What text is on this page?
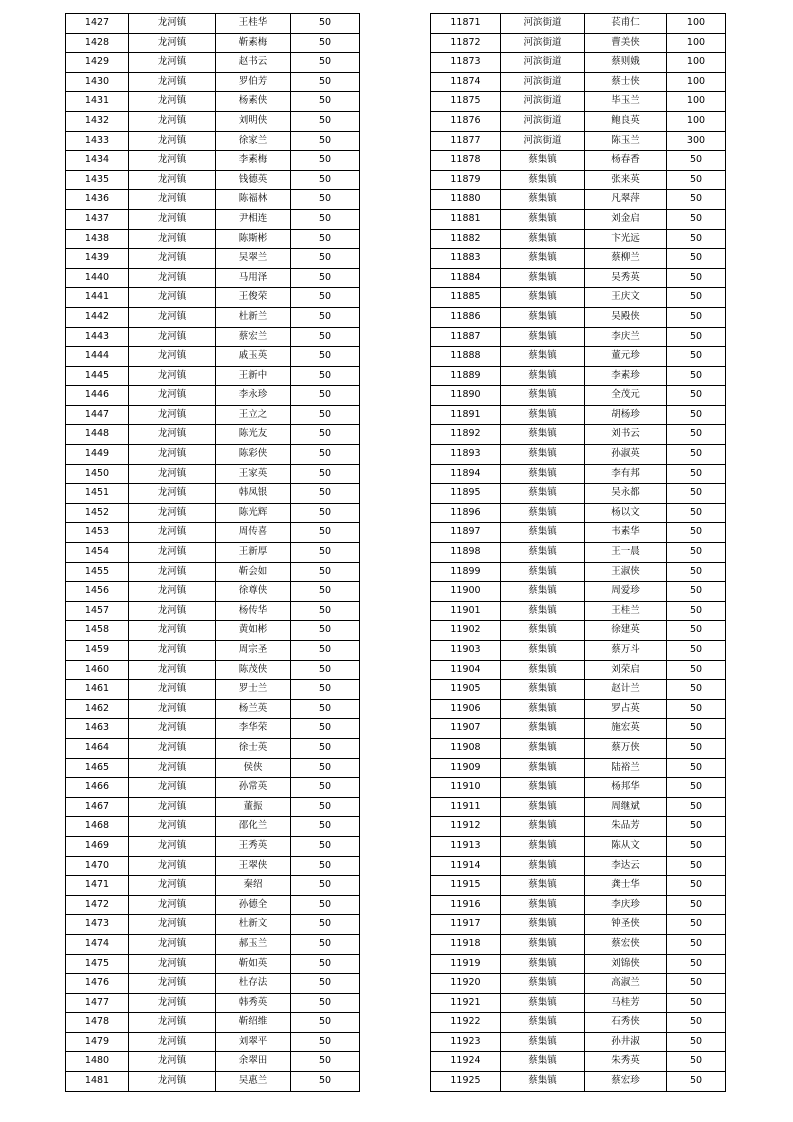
1427	龙河镇	王桂华	50
1428	龙河镇	靳素梅	50
1429	龙河镇	赵书云	50
1430	龙河镇	罗伯芳	50
1431	龙河镇	杨素侠	50
1432	龙河镇	刘明侠	50
1433	龙河镇	徐家兰	50
1434	龙河镇	李素梅	50
1435	龙河镇	钱德英	50
1436	龙河镇	陈福林	50
1437	龙河镇	尹相连	50
1438	龙河镇	陈斯彬	50
1439	龙河镇	吴翠兰	50
1440	龙河镇	马用泽	50
1441	龙河镇	王俊荣	50
1442	龙河镇	杜新兰	50
1443	龙河镇	蔡宏兰	50
1444	龙河镇	戚玉英	50
1445	龙河镇	王新中	50
1446	龙河镇	李永珍	50
1447	龙河镇	王立之	50
1448	龙河镇	陈光友	50
1449	龙河镇	陈彩侠	50
1450	龙河镇	王家英	50
1451	龙河镇	韩凤银	50
1452	龙河镇	陈光辉	50
1453	龙河镇	周传喜	50
1454	龙河镇	王新厚	50
1455	龙河镇	靳会如	50
1456	龙河镇	徐尊侠	50
1457	龙河镇	杨传华	50
1458	龙河镇	黄如彬	50
1459	龙河镇	周宗圣	50
1460	龙河镇	陈茂侠	50
1461	龙河镇	罗士兰	50
1462	龙河镇	杨兰英	50
1463	龙河镇	李华荣	50
1464	龙河镇	徐士英	50
1465	龙河镇	侯侠	50
1466	龙河镇	孙常英	50
1467	龙河镇	董振	50
1468	龙河镇	邵化兰	50
1469	龙河镇	王秀英	50
1470	龙河镇	王翠侠	50
1471	龙河镇	秦绍	50
1472	龙河镇	孙德全	50
1473	龙河镇	杜新文	50
1474	龙河镇	郝玉兰	50
1475	龙河镇	靳如英	50
1476	龙河镇	杜存法	50
1477	龙河镇	韩秀英	50
1478	龙河镇	靳绍维	50
1479	龙河镇	刘翠平	50
1480	龙河镇	余翠田	50
1481	龙河镇	吴惠兰	50
11871	河滨街道	苌甫仁	100
11872	河滨街道	曹美侠	100
11873	河滨街道	蔡则娥	100
11874	河滨街道	蔡士侠	100
11875	河滨街道	毕玉兰	100
11876	河滨街道	鲍良英	100
11877	河滨街道	陈玉兰	300
11878	蔡集镇	杨春香	50
11879	蔡集镇	张来英	50
11880	蔡集镇	凡翠萍	50
11881	蔡集镇	刘金启	50
11882	蔡集镇	卞光远	50
11883	蔡集镇	蔡柳兰	50
11884	蔡集镇	吴秀英	50
11885	蔡集镇	王庆文	50
11886	蔡集镇	吴殿侠	50
11887	蔡集镇	李庆兰	50
11888	蔡集镇	董元珍	50
11889	蔡集镇	李素珍	50
11890	蔡集镇	全茂元	50
11891	蔡集镇	胡杨珍	50
11892	蔡集镇	刘书云	50
11893	蔡集镇	孙淑英	50
11894	蔡集镇	李有邦	50
11895	蔡集镇	吴永都	50
11896	蔡集镇	杨以文	50
11897	蔡集镇	韦素华	50
11898	蔡集镇	王一晨	50
11899	蔡集镇	王淑侠	50
11900	蔡集镇	周爱珍	50
11901	蔡集镇	王桂兰	50
11902	蔡集镇	徐建英	50
11903	蔡集镇	蔡万斗	50
11904	蔡集镇	刘荣启	50
11905	蔡集镇	赵计兰	50
11906	蔡集镇	罗占英	50
11907	蔡集镇	施宏英	50
11908	蔡集镇	蔡万侠	50
11909	蔡集镇	陆裕兰	50
11910	蔡集镇	杨邦华	50
11911	蔡集镇	周继斌	50
11912	蔡集镇	朱品芳	50
11913	蔡集镇	陈从文	50
11914	蔡集镇	李达云	50
11915	蔡集镇	龚士华	50
11916	蔡集镇	李庆珍	50
11917	蔡集镇	钟圣侠	50
11918	蔡集镇	蔡宏侠	50
11919	蔡集镇	刘锦侠	50
11920	蔡集镇	高淑兰	50
11921	蔡集镇	马桂芳	50
11922	蔡集镇	石秀侠	50
11923	蔡集镇	孙井淑	50
11924	蔡集镇	朱秀英	50
11925	蔡集镇	蔡宏珍	50
